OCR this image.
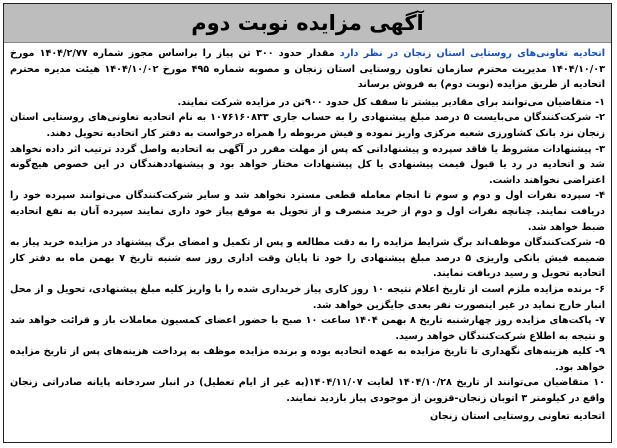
آگهی مزایده نوبت دوم

اتحادیه تعاونی‌های روستایی استان زنجان در نظر دارد مقدار حدود ۳۰۰ تن پیاز را براساس مجوز شماره ۱۴۰۴/۲/۷۷ مورخ ۱۴۰۴/۱۰/۰۳ مدیریت محترم سازمان تعاون روستایی استان زنجان و مصوبه شماره ۴۹۵ مورخ ۱۴۰۴/۱۰/۰۲ هیئت مدیره محترم اتحادیه از طریق مزایده (نوبت دوم) به فروش برساند

۱- متقاضیان می‌توانند برای مقادیر بیشتر تا سقف کل حدود ۹۰۰تن در مزایده شرکت نمایند.
۲- شرکت‌کنندگان می‌بایست ۵ درصد مبلغ پیشنهادی را به حساب جاری ۱۰۷۶۱۶۰۸۳۳ به نام اتحادیه تعاونی‌های روستایی استان زنجان نزد بانک کشاورزی شعبه مرکزی واریز نموده و فیش مربوطه را همراه درخواست به دفتر کار اتحادیه تحویل دهند.
۳- پیشنهادات مشروط یا فاقد سپرده و پیشنهاداتی که پس از مهلت مقرر در آگهی به اتحادیه واصل گردد ترتیب اثر داده نخواهد شد و اتحادیه در رد یا قبول قیمت پیشنهادی یا کل پیشنهادات مختار خواهد بود و پیشنهاددهندگان در این خصوص هیچ‌گونه اعتراضی نخواهند داشت.
۴- سپرده نفرات اول و دوم و سوم تا انجام معامله قطعی مسترد نخواهد شد و سایر شرکت‌کنندگان می‌توانند سپرده خود را دریافت نمایند. چنانچه نفرات اول و دوم از خرید منصرف و از تحویل به موقع پیاز خود داری نمایند سپرده آنان به نفع اتحادیه ضبط خواهد شد.
۵- شرکت‌کنندگان موظف‌اند برگ شرایط مزایده را به دقت مطالعه و پس از تکمیل و امضای برگ پیشنهاد در مزایده خرید پیاز به ضمیمه فیش بانکی واریزی ۵ درصد مبلغ پیشنهادی را خود تا پایان وقت اداری روز سه شنبه تاریخ ۷ بهمن ماه به دفتر کار اتحادیه تحویل و رسید دریافت نمایند.
۶- برنده مزایده ملزم است از تاریخ اعلام نتیجه ۱۰ روز کاری پیاز خریداری شده را با واریز کلیه مبلغ پیشنهادی، تحویل و از محل انبار خارج نماید در غیر اینصورت نفر بعدی جایگزین خواهد شد.
۷- پاکت‌های مزایده روز چهارشنبه تاریخ ۸ بهمن ۱۴۰۴ ساعت ۱۰ صبح با حضور اعضای کمسیون معاملات باز و قرائت خواهد شد و نتیجه به اطلاع شرکت‌کنندگان خواهد رسید.
۹- کلیه هزینه‌های نگهداری تا تاریخ مزایده به عهده اتحادیه بوده و برنده مزایده موظف به پرداخت هزینه‌های پس از تاریخ مزایده خواهد بود.
۱۰ متقاضیان می‌توانند از تاریخ ۱۴۰۴/۱۰/۲۸ لغایت ۱۴۰۴/۱۱/۰۷(به غیر از ایام تعطیل) در انبار سردخانه پایانه صادراتی زنجان واقع در کیلومتر ۳ اتوبان زنجان-قزوین از موجودی پیاز بازدید نمایند.
اتحادیه تعاونی روستایی استان زنجان
